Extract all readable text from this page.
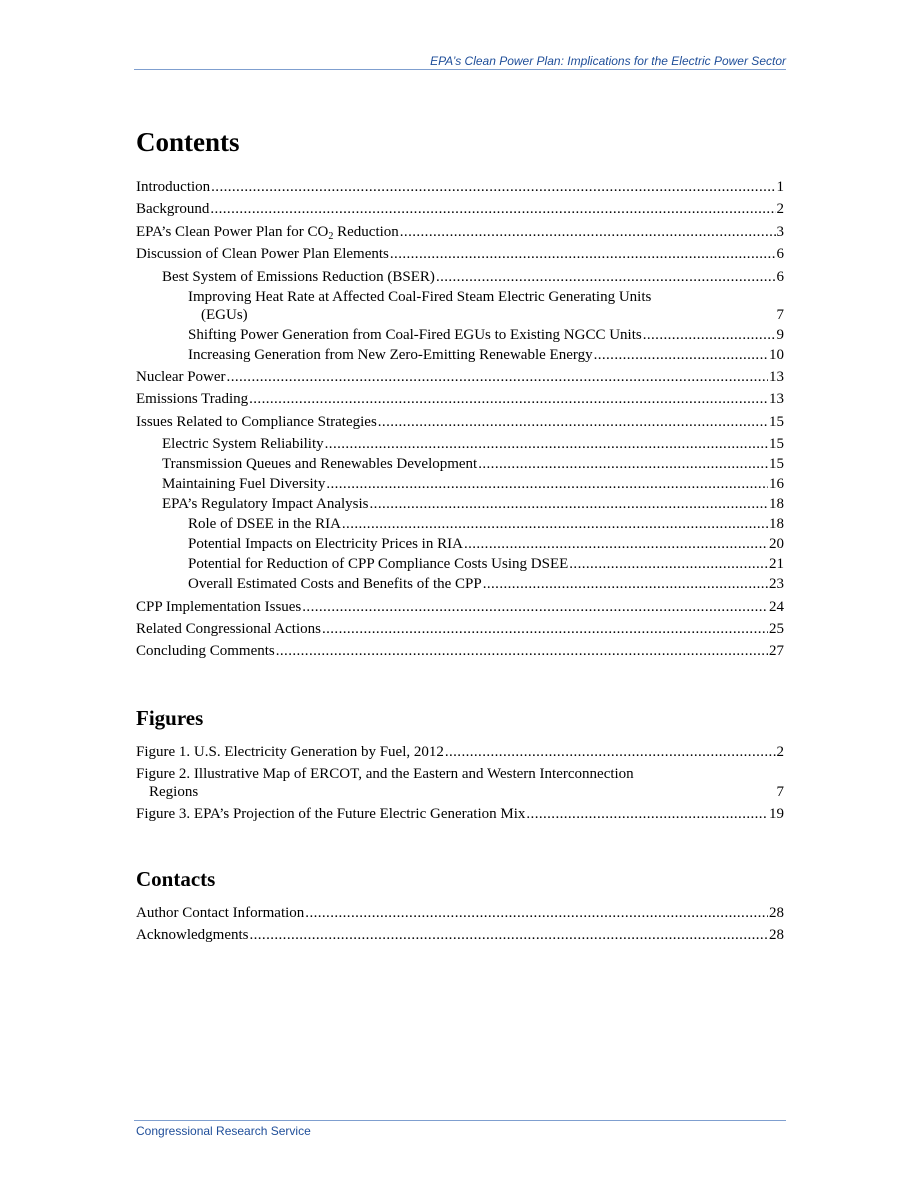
EPA’s Clean Power Plan: Implications for the Electric Power Sector
Contents
Introduction .....	1
Background .....	2
EPA’s Clean Power Plan for $CO_2$ Reduction .....	3
Discussion of Clean Power Plan Elements .....	6
Best System of Emissions Reduction (BSER) .....	6
Improving Heat Rate at Affected Coal-Fired Steam Electric Generating Units
(EGUs)	7
Shifting Power Generation from Coal-Fired EGUs to Existing NGCC Units .....	9
Increasing Generation from New Zero-Emitting Renewable Energy .....	10
Nuclear Power .....	13
Emissions Trading .....	13
Issues Related to Compliance Strategies .....	15
Electric System Reliability .....	15
Transmission Queues and Renewables Development .....	15
Maintaining Fuel Diversity .....	16
EPA’s Regulatory Impact Analysis .....	18
Role of DSEE in the RIA .....	18
Potential Impacts on Electricity Prices in RIA .....	20
Potential for Reduction of CPP Compliance Costs Using DSEE .....	21
Overall Estimated Costs and Benefits of the CPP .....	23
CPP Implementation Issues .....	24
Related Congressional Actions .....	25
Concluding Comments .....	27
Figures
Figure 1. U.S. Electricity Generation by Fuel, 2012 .....	2
Figure 2. Illustrative Map of ERCOT, and the Eastern and Western Interconnection
Regions	7
Figure 3. EPA’s Projection of the Future Electric Generation Mix .....	19
Contacts
Author Contact Information .....	28
Acknowledgments .....	28
Congressional Research Service
